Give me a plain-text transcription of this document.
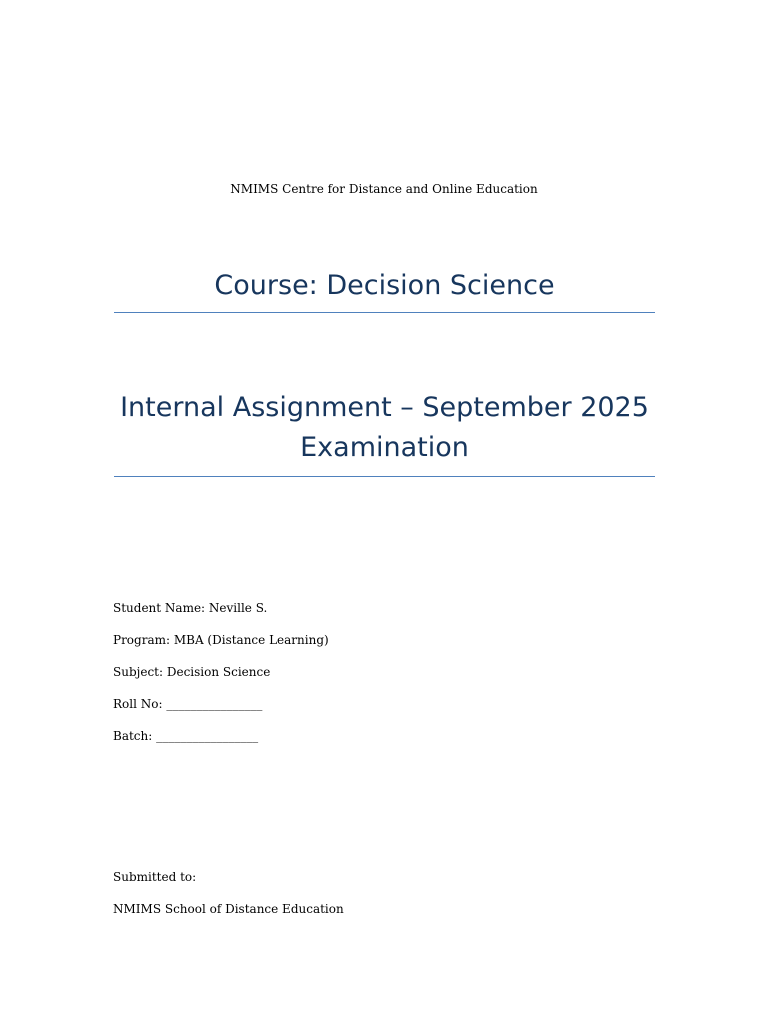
NMIMS Centre for Distance and Online Education
Course: Decision Science
Internal Assignment – September 2025
Examination
Student Name: Neville S.
Program: MBA (Distance Learning)
Subject: Decision Science
Roll No: ________________
Batch: _________________
Submitted to:
NMIMS School of Distance Education
